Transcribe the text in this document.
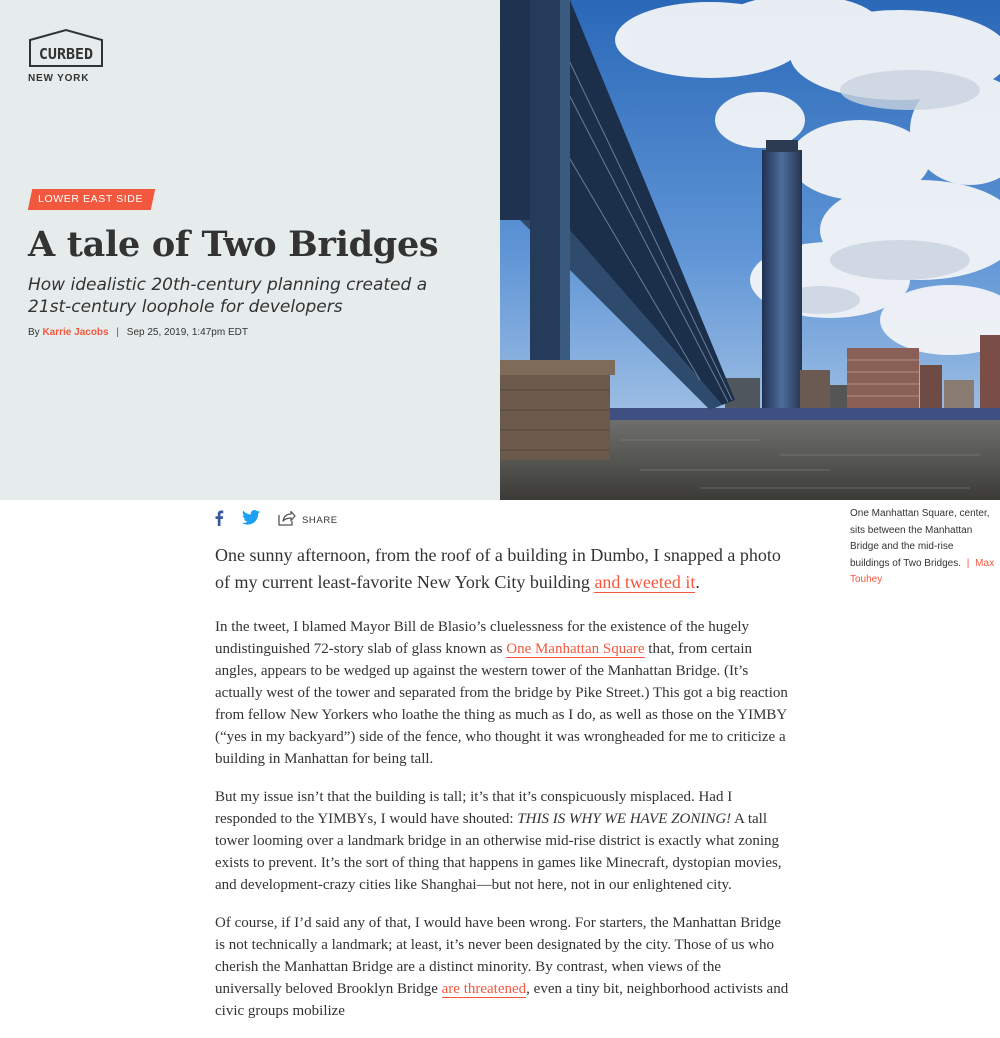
CURBED
NEW YORK
LOWER EAST SIDE
A tale of Two Bridges

How idealistic 20th-century planning created a 21st-century loophole for developers

By Karrie Jacobs | Sep 25, 2019, 1:47pm EDT
SHARE
One Manhattan Square, center, sits between the Manhattan Bridge and the mid-rise buildings of Two Bridges. | Max Touhey

One sunny afternoon, from the roof of a building in Dumbo, I snapped a photo of my current least-favorite New York City building and tweeted it.

In the tweet, I blamed Mayor Bill de Blasio’s cluelessness for the existence of the hugely undistinguished 72-story slab of glass known as One Manhattan Square that, from certain angles, appears to be wedged up against the western tower of the Manhattan Bridge. (It’s actually west of the tower and separated from the bridge by Pike Street.) This got a big reaction from fellow New Yorkers who loathe the thing as much as I do, as well as those on the YIMBY (“yes in my backyard”) side of the fence, who thought it was wrongheaded for me to criticize a building in Manhattan for being tall.

But my issue isn’t that the building is tall; it’s that it’s conspicuously misplaced. Had I responded to the YIMBYs, I would have shouted: THIS IS WHY WE HAVE ZONING! A tall tower looming over a landmark bridge in an otherwise mid-rise district is exactly what zoning exists to prevent. It’s the sort of thing that happens in games like Minecraft, dystopian movies, and development-crazy cities like Shanghai—but not here, not in our enlightened city.

Of course, if I’d said any of that, I would have been wrong. For starters, the Manhattan Bridge is not technically a landmark; at least, it’s never been designated by the city. Those of us who cherish the Manhattan Bridge are a distinct minority. By contrast, when views of the universally beloved Brooklyn Bridge are threatened, even a tiny bit, neighborhood activists and civic groups mobilize
